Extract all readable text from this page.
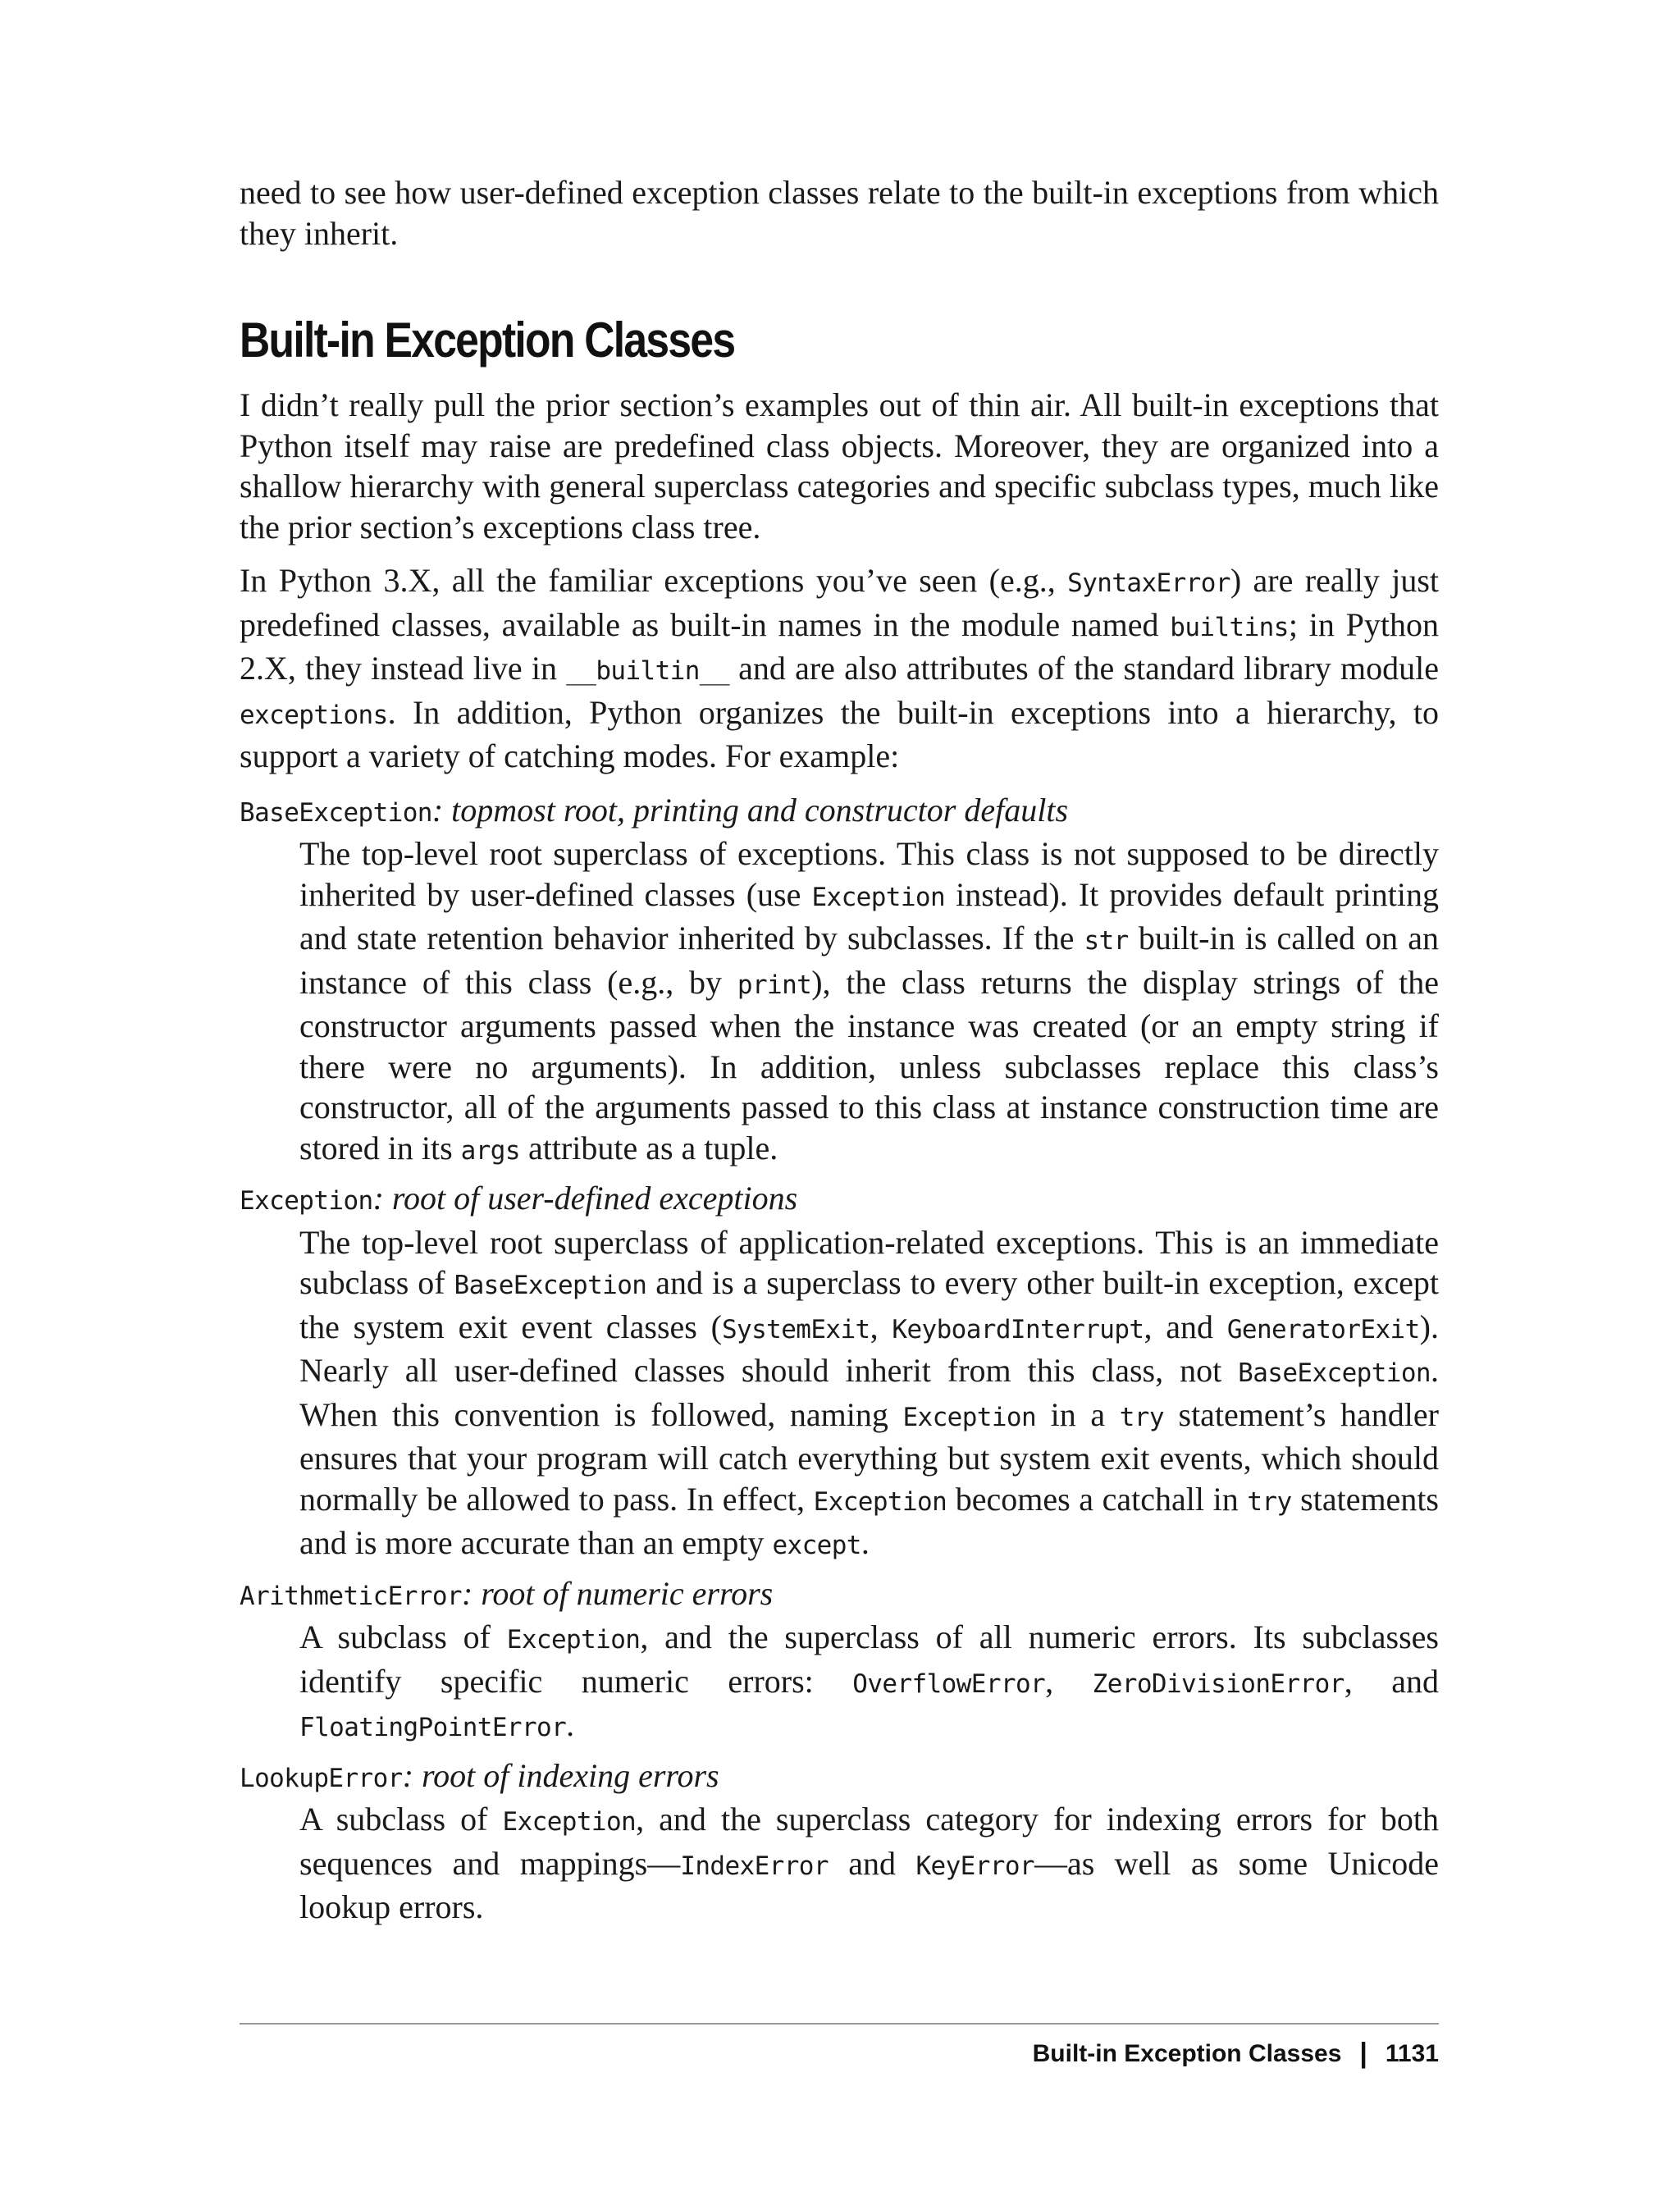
need to see how user-defined exception classes relate to the built-in exceptions from which they inherit.

Built-in Exception Classes

I didn’t really pull the prior section’s examples out of thin air. All built-in exceptions that Python itself may raise are predefined class objects. Moreover, they are organized into a shallow hierarchy with general superclass categories and specific subclass types, much like the prior section’s exceptions class tree.

In Python 3.X, all the familiar exceptions you’ve seen (e.g., SyntaxError) are really just predefined classes, available as built-in names in the module named builtins; in Python 2.X, they instead live in __builtin__ and are also attributes of the standard library module exceptions. In addition, Python organizes the built-in exceptions into a hierarchy, to support a variety of catching modes. For example:

BaseException: topmost root, printing and constructor defaults

The top-level root superclass of exceptions. This class is not supposed to be directly inherited by user-defined classes (use Exception instead). It provides default printing and state retention behavior inherited by subclasses. If the str built-in is called on an instance of this class (e.g., by print), the class returns the display strings of the constructor arguments passed when the instance was created (or an empty string if there were no arguments). In addition, unless subclasses replace this class’s constructor, all of the arguments passed to this class at instance construction time are stored in its args attribute as a tuple.

Exception: root of user-defined exceptions

The top-level root superclass of application-related exceptions. This is an immediate subclass of BaseException and is a superclass to every other built-in exception, except the system exit event classes (SystemExit, KeyboardInterrupt, and GeneratorExit). Nearly all user-defined classes should inherit from this class, not BaseException. When this convention is followed, naming Exception in a try statement’s handler ensures that your program will catch everything but system exit events, which should normally be allowed to pass. In effect, Exception becomes a catchall in try statements and is more accurate than an empty except.

ArithmeticError: root of numeric errors

A subclass of Exception, and the superclass of all numeric errors. Its subclasses identify specific numeric errors: OverflowError, ZeroDivisionError, and FloatingPointError.

LookupError: root of indexing errors

A subclass of Exception, and the superclass category for indexing errors for both sequences and mappings—IndexError and KeyError—as well as some Unicode lookup errors.

Built-in Exception Classes | 1131
